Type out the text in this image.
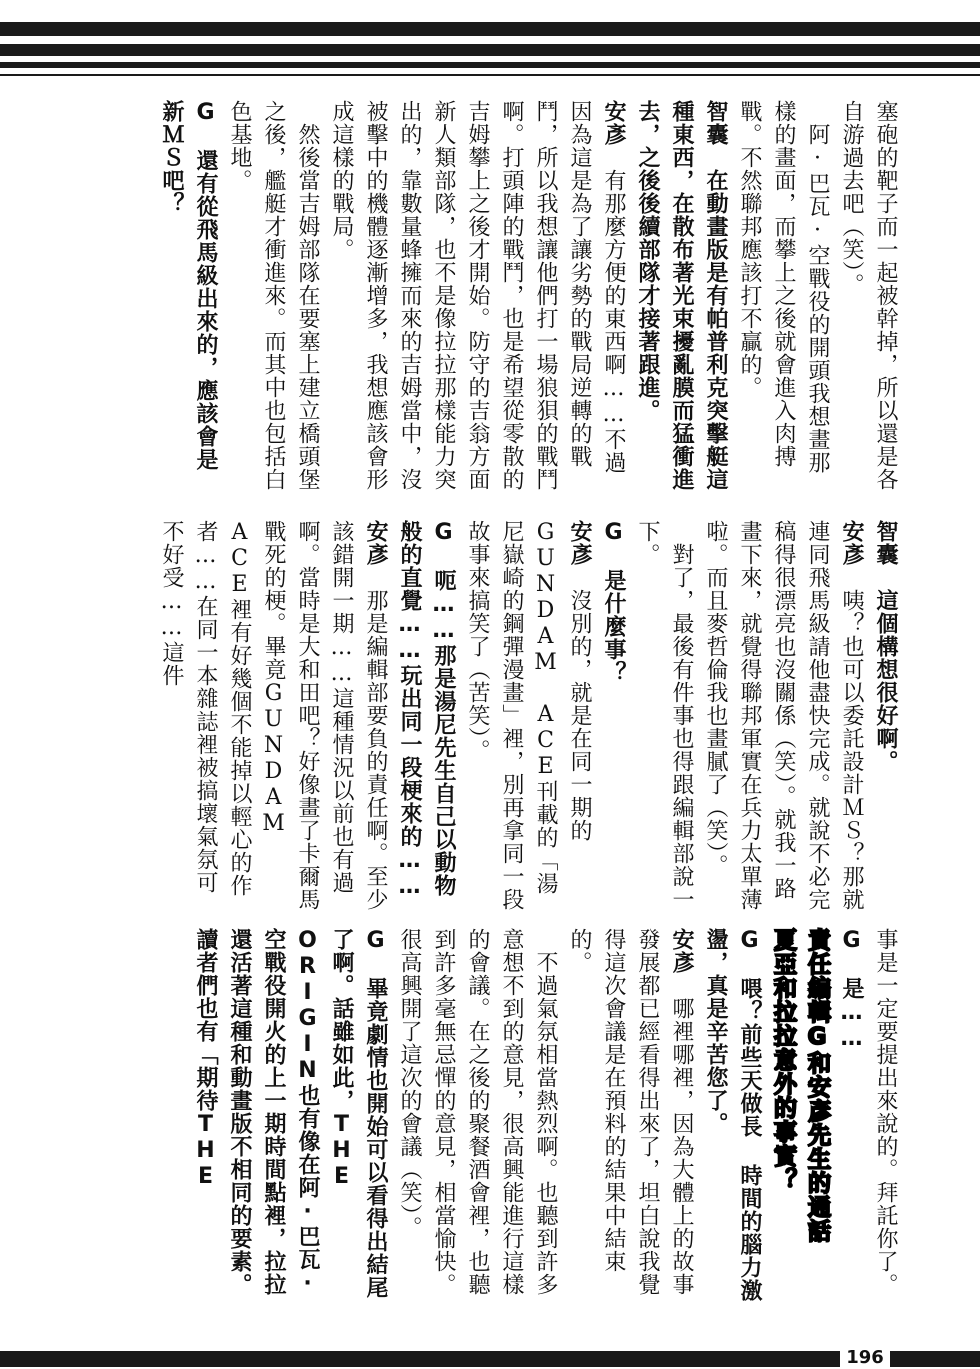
塞砲的靶子而一起被幹掉，所以還是各自游過去吧（笑）。
　阿·巴瓦·空戰役的開頭我想畫那樣的畫面，而攀上之後就會進入肉搏戰。不然聯邦應該打不贏的。
智囊　在動畫版是有帕普利克突擊艇這種東西，在散布著光束擾亂膜而猛衝進去，之後後續部隊才接著跟進。
安彥　有那麼方便的東西啊……不過因為這是為了讓劣勢的戰局逆轉的戰鬥，所以我想讓他們打一場狼狽的戰鬥啊。打頭陣的戰鬥，也是希望從零散的吉姆攀上之後才開始。防守的吉翁方面新人類部隊，也不是像拉拉那樣能力突出的，靠數量蜂擁而來的吉姆當中，沒被擊中的機體逐漸增多，我想應該會形成這樣的戰局。
　然後當吉姆部隊在要塞上建立橋頭堡之後，艦艇才衝進來。而其中也包括白色基地。
G　還有從飛馬級出來的，應該會是新ＭＳ吧？
智囊　這個構想很好啊。
安彥　咦？也可以委託設計ＭＳ？那就連同飛馬級請他盡快完成。就說不必完稿得很漂亮也沒關係（笑）。就我一路畫下來，就覺得聯邦軍實在兵力太單薄啦。而且麥哲倫我也畫膩了（笑）。
　對了，最後有件事也得跟編輯部說一下。
G　是什麼事？
安彥　沒別的，就是在同一期的GUNDAM ACE刊載的「湯尼嶽崎的鋼彈漫畫」裡，別再拿同一段故事來搞笑了（苦笑）。
G　呃……那是湯尼先生自己以動物般的直覺……玩出同一段梗來的……
安彥　那是編輯部要負的責任啊。至少該錯開一期……這種情況以前也有過啊。當時是大和田吧？好像畫了卡爾馬戰死的梗。畢竟GUNDAM ACE裡有好幾個不能掉以輕心的作者……在同一本雜誌裡被搞壞氣氛可不好受……這件
事是一定要提出來說的。拜託你了。
G　是……
責任編輯G和安彥先生的通話
夏亞和拉拉意外的事實？
G　喂？前些天做長 時間的腦力激盪，真是辛苦您了。
安彥　哪裡哪裡，因為大體上的故事發展都已經看得出來了，坦白說我覺得這次會議是在預料的結果中結束的。
　不過氣氛相當熱烈啊。也聽到許多意想不到的意見，很高興能進行這樣的會議。在之後的聚餐酒會裡，也聽到許多毫無忌憚的意見，相當愉快。很高興開了這次的會議（笑）。
G　畢竟劇情也開始可以看得出結尾了啊。話雖如此，THE ORIGIN也有像在阿·巴瓦·空戰役開火的上一期時間點裡，拉拉還活著這種和動畫版不相同的要素。讀者們也有「期待THE
196
